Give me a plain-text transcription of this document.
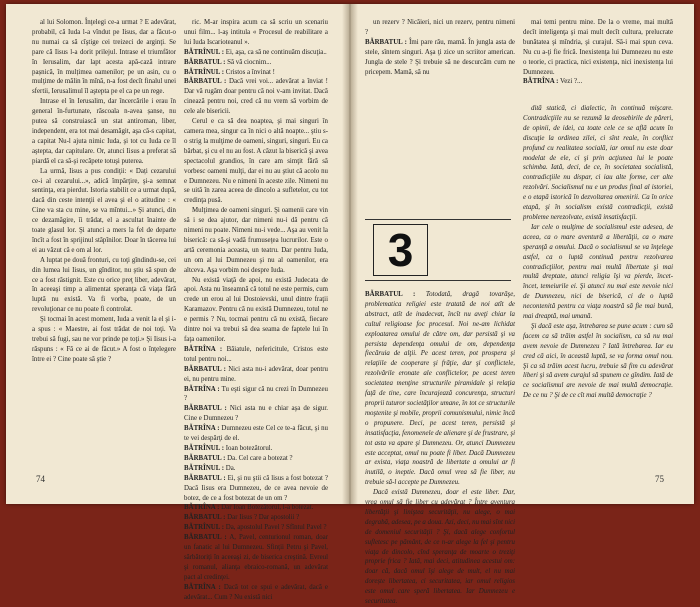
al lui Solomon. Înţelegi ce-a urmat ? E adevărat, probabil, că Iuda l-a vîndut pe Iisus, dar a făcut-o nu numai ca să cîştige cei treizeci de arginţi. Se pare că Iisus l-a dorit prilejul. Intrase el triumfător în Ierusalim, dar lapt acesta apă-cază intrare pașnică, în mulțimea oamenilor; pe un asin, cu o mulţime de mălin în mînă, n-a fost decît finalul unei sfertii, Ierusalimul îl aştepta pe el ca pe un rege.

Intrase el în Ierusalim, dar încercările i erau în general în-furtunate, răscoala n-avea șanse, nu putea să construiască un stat antiroman, liber, independent, era tot mai desamăgit, aşa că-s capitat, a capitat Nu-l ajuta nimic Iuda, şi tot cu Iuda ce îl aştepta, dar capitulare. Or, atunci Iisus a preferat să piardă el ca să-şi recăpete totuşi puterea.

La urmă, Iisus a pus condiţii: « Dați cezarului ce-i al cezarului...», adică împărţire, şi-a semnat sentinţa, era pierdut. Istoria stabilit ce a urmat după, dacă din ceste intenţii el avea şi el o atitudine : « Cine va sta cu mine, se va mîntui...» Şi atunci, din ce dezamăgire, îi trădat, el a ascultat înainte de toate glasul lor. Şi atunci a mers la fel de departe încît a fost în sprijinul stăpînilor. Doar în tăcerea lui ei au văzut că e om al lor.

A luptat pe două fronturi, cu toţi gîndindu-se, cei din lumea lui Iisus, un gînditor, nu ştiu să spun de ce a fost răstignit. Este cu orice preţ liber, adevărat, în aceeaşi timp a alimentat speranţa că viaţa fără luptă nu există. Va fi vorba, poate, de un revoluţionar ce nu poate fi controlat.

Şi tocmai în acest moment, Iuda a venit la el şi i-a spus : « Maestre, ai fost trădat de noi toţi. Va trebui să fugi, sau ne vor prinde pe toţi.» Şi Iisus i-a răspuns : « Fă ce ai de făcut.» A fost o înţelegere între ei ? Cine poate să ştie ?

ric. M-ar inspira acum ca să scriu un scenariu unui film... l-aş intitula « Procesul de reabilitare a lui Iuda Iscarioteanul ».

BĂTRÎNUL : Ei, aşa, ca să ne continuăm discuţia..

BĂRBATUL : Să vă ciocnim...

BĂTRÎNUL : Cristos a învinat !

BĂRBATUL : Dacă vrei voi... adevărat a înviat ! Dar vă rugăm doar pentru că noi v-am invitat. Dacă cinează pentru noi, cred că nu vrem să vorbim de cele ale bisericii.

Cerul e ca să dea noaptea, şi mai singuri în camera mea, singur ca în nici o altă noapte... ştiu s-o strig la mulţime de oameni, singuri, singuri. Eu ca bărbat, şi cu el nu au fost. A căzut la biserică şi avea spectacolul grandios, în care am simţit fără să vorbesc oameni mulţi, dar ei nu au ştiut că acolo nu e Dumnezeu. Nu e nimeni în aceste zile. Nimeni nu se uită în zarea aceea de dincolo a sufletelor, cu tot credinţa pusă.

Mulţimea de oameni singuri. Şi oamenii care vin să i se dea ajutor, dar nimeni nu-i dă pentru că nimeni nu poate. Nimeni nu-i vede... Aşa au venit la biserică: ca să-şi vadă frumuseţea lucrurilor. Este o artă ceremonia aceasta, un teatru. Dar pentru Iuda, un om al lui Dumnezeu şi nu al oamenilor, era altceva. Aşa vorbim noi despre Iuda.

Nu există viaţă de apoi, nu există Judecata de apoi. Asta nu înseamnă că totul ne este permis, cum crede un erou al lui Dostoievski, unul dintre fraţii Karamazov. Pentru că nu există Dumnezeu, totul ne e permis ? Nu, tocmai pentru că nu există, fiecare dintre noi va trebui să dea seama de faptele lui în faţa oamenilor.

BĂTRÎNA : Băiatule, nefericitule, Cristos este totul pentru noi...

BĂRBATUL : Nici asta nu-i adevărat, doar pentru ei, nu pentru mine.

BĂTRÎNA : Tu eşti sigur că nu crezi în Dumnezeu ?

BĂRBATUL : Nici asta nu e chiar aşa de sigur. Cine e Dumnezeu ?

BĂTRÎNA : Dumnezeu este Cel ce te-a făcut, şi nu te vei despărţi de el.

BĂTRÎNUL : Ioan botezătorul.

BĂRBATUL : Da. Cel care a botezat ?

BĂTRÎNUL : Da.

BĂRBATUL : Ei, şi nu ştii că lisus a fost botezat ? Dacă Iisus era Dumnezeu, de ce avea nevoie de botez, de ce a fost botezat de un om ?

BĂTRÎNA : Dar Ioan Botezătorul, l-a botezat.

BĂRBATUL : Dar Iisus ? Dar apostolii ?

BĂTRÎNUL : Da, apostolul Pavel ? Sfîntul Pavel ?

BĂRBATUL : A, Pavel, centurionul roman, doar un fanatic al lui Dumnezeu. Sfinţii Petru şi Pavel, sărbătoriţi în aceeaşi zi, de biserica creştină. Evreul şi romanul, alianţa ebraico-romană, un adevărat pact al credinţei.

BĂTRÎNA : Dacă tot ce spui e adevărat, dacă e adevărat... Cum ? Nu există nici

74

un rezerv ? Nicăieri, nici un rezerv, pentru nimeni ?

BĂRBATUL : Îmi pare rău, mamă. În jungla asta de stele, sîntem singuri. Aşa ţi zice un scriitor american. Jungla de stele ? Şi trebuie să ne descurcăm cum ne pricepem. Mamă, să nu

mai temi pentru mine. De la o vreme, mai multă decît inteligenţa şi mai mult decît cultura, prelucrate bunătatea şi mîndria, şi curajul. Să-i mai spun ceva. Nu cu a-ţi fie frică. Inexistenţa lui Dumnezeu nu este o teorie, ci practica, nici existenţa, nici inexistenţa lui Dumnezeu.

BĂTRÎNA : Vezi ?...

3

BĂRBATUL : Totodată, dragă tovarăşe, problematica religiei este tratată de noi atît de abstract, atît de inadecvat, încît nu aveţi chiar la cultul religioase foc procesul. Noi ne-am lichidat exploatarea omului de către om, dar persistă şi va persista dependenţa omului de om, dependenţa fiecăruia de alţii. Pe acest teren, pot prospera şi relaţiile de cooperare şi frăţie, dar şi conflictele, rezolvările eronate ale conflictelor, pe acest teren societatea menţine structurile piramidale şi relaţia față de tine, care încurajează concurenţa, structuri proprii tuturor societăţilor umane, în tot ce structurile moştenite şi mobile, proprii comunismului, nimic încă o propunere. Deci, pe acest teren, persistă şi insatisfacţia, fenomenele de alienare şi de frustrare, şi tot asta va apare şi Dumnezeu. Or, atunci Dumnezeu este acceptat, omul nu poate fi liber. Dacă Dumnezeu ar exista, viaţa noastră de libertate a omului ar fi inutilă, o ineptie. Dacă omul vrea să fie liber, nu trebuie să-l accepte pe Dumnezeu.

Dacă există Dumnezeu, doar el este liber. Dar, vrea omul să fie liber cu adevărat ? Între aventura libertăţii şi liniştea securităţii, nu alege, o mai degrabă, adesea, pe a doua. Azi, deci, nu mai sînt nici de domeniul securităţii ? Şi, dacă alege confortul sufletesc pe pământ, de ce n-ar alege la fel şi pentru viaţa de dincolo, cînd speranţa de moarte o treziţi proprie frica ? Iată, mai deci, atitudinea acestui om: doar că, dacă omul îşi alege de mult, el nu mai dorește libertatea, ci securitatea, iar omul religios este omul care speră libertatea. Iar Dumnezeu e securitatea.

dită statică, ci dialectic, în continuă mişcare. Contradicţiile nu se rezumă la deosebirile de păreri, de opinii, de idei, ca toate cele ce se află acum în discuţie la ordinea zilei, ci sînt reale, în conflict profund cu realitatea socială, iar omul nu este doar modelat de ele, ci şi prin acţiunea lui le poate schimba. Iată, deci, de ce, în societatea socialistă, contradicţiile nu dispar, ci iau alte forme, cer alte rezolvări. Socialismul nu e un produs final al istoriei, e o etapă istorică în dezvoltarea omenirii. Ca în orice etapă, şi în socialism există contradicţii, există probleme nerezolvate, există insatisfacţii.

Iar cele o mulţime de socialismul este adesea, de aceea, ca o mare aventură a libertăţii, ca o mare speranţă a omului. Dacă o socialismul se va înţelege astfel, ca o luptă continuă pentru rezolvarea contradicţiilor, pentru mai multă libertate şi mai multă dreptate, atunci religia îşi va pierde, încet-încet, temeiurile ei. Şi atunci nu mai este nevoie nici de Dumnezeu, nici de biserică, ci de o luptă necontenită pentru ca viaţa noastră să fie mai bună, mai dreaptă, mai umană.

Şi dacă este aşa, întrebarea se pune acum : cum să facem ca să trăim astfel în socialism, ca să nu mai avem nevoie de Dumnezeu ? Iată întrebarea. Iar eu cred că aici, în această luptă, se va forma omul nou. Şi ca să trăim acest lucru, trebuie să fim cu adevărat liberi şi să avem curajul să spunem ce gîndim. Iată de ce socialismul are nevoie de mai multă democraţie. De ce nu ? Şi de ce cît mai multă democraţie ?

75
